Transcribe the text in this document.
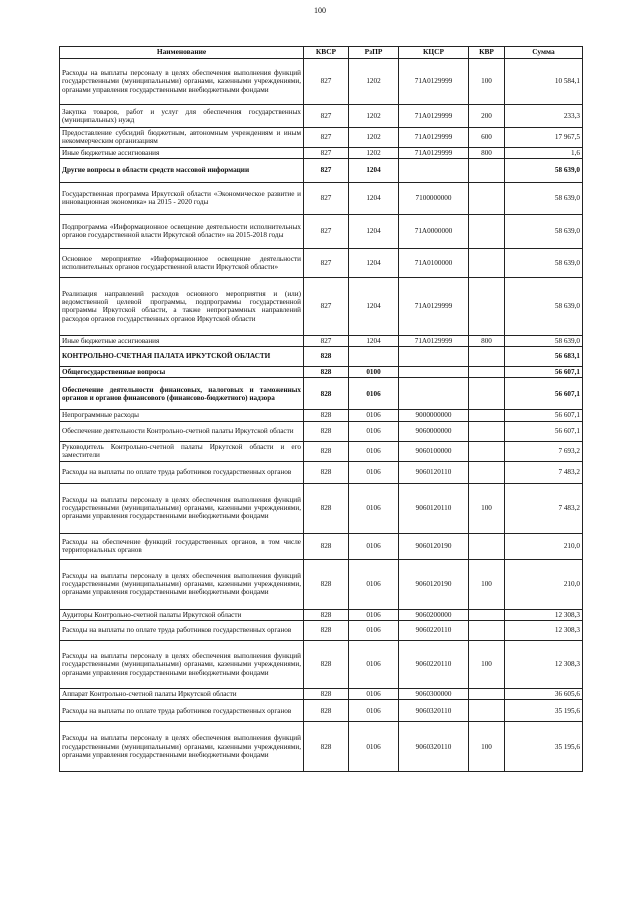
100
Наименование	КВСР	РзПР	КЦСР	КВР	Сумма
Расходы на выплаты персоналу в целях обеспечения выполнения функций государственными (муниципальными) органами, казенными учреждениями, органами управления государственными внебюджетными фондами	827	1202	71А0129999	100	10 584,1
Закупка товаров, работ и услуг для обеспечения государственных (муниципальных) нужд	827	1202	71А0129999	200	233,3
Предоставление субсидий бюджетным, автономным учреждениям и иным некоммерческим организациям	827	1202	71А0129999	600	17 967,5
Иные бюджетные ассигнования	827	1202	71А0129999	800	1,6
Другие вопросы в области средств массовой информации	827	1204			58 639,0
Государственная программа Иркутской области «Экономическое развитие и инновационная экономика» на 2015 - 2020 годы	827	1204	7100000000		58 639,0
Подпрограмма «Информационное освещение деятельности исполнительных органов государственной власти Иркутской области» на 2015-2018 годы	827	1204	71А0000000		58 639,0
Основное мероприятие «Информационное освещение деятельности исполнительных органов государственной власти Иркутской области»	827	1204	71А0100000		58 639,0
Реализация направлений расходов основного мероприятия и (или) ведомственной целевой программы, подпрограммы государственной программы Иркутской области, а также непрограммных направлений расходов органов государственных органов Иркутской области	827	1204	71А0129999		58 639,0
Иные бюджетные ассигнования	827	1204	71А0129999	800	58 639,0
КОНТРОЛЬНО-СЧЕТНАЯ ПАЛАТА ИРКУТСКОЙ ОБЛАСТИ	828				56 683,1
Общегосударственные вопросы	828	0100			56 607,1
Обеспечение деятельности финансовых, налоговых и таможенных органов и органов финансового (финансово-бюджетного) надзора	828	0106			56 607,1
Непрограммные расходы	828	0106	9000000000		56 607,1
Обеспечение деятельности Контрольно-счетной палаты Иркутской области	828	0106	9060000000		56 607,1
Руководитель Контрольно-счетной палаты Иркутской области и его заместители	828	0106	9060100000		7 693,2
Расходы на выплаты по оплате труда работников государственных органов	828	0106	9060120110		7 483,2
Расходы на выплаты персоналу в целях обеспечения выполнения функций государственными (муниципальными) органами, казенными учреждениями, органами управления государственными внебюджетными фондами	828	0106	9060120110	100	7 483,2
Расходы на обеспечение функций государственных органов, в том числе территориальных органов	828	0106	9060120190		210,0
Расходы на выплаты персоналу в целях обеспечения выполнения функций государственными (муниципальными) органами, казенными учреждениями, органами управления государственными внебюджетными фондами	828	0106	9060120190	100	210,0
Аудиторы Контрольно-счетной палаты Иркутской области	828	0106	9060200000		12 308,3
Расходы на выплаты по оплате труда работников государственных органов	828	0106	9060220110		12 308,3
Расходы на выплаты персоналу в целях обеспечения выполнения функций государственными (муниципальными) органами, казенными учреждениями, органами управления государственными внебюджетными фондами	828	0106	9060220110	100	12 308,3
Аппарат Контрольно-счетной палаты Иркутской области	828	0106	9060300000		36 605,6
Расходы на выплаты по оплате труда работников государственных органов	828	0106	9060320110		35 195,6
Расходы на выплаты персоналу в целях обеспечения выполнения функций государственными (муниципальными) органами, казенными учреждениями, органами управления государственными внебюджетными фондами	828	0106	9060320110	100	35 195,6
